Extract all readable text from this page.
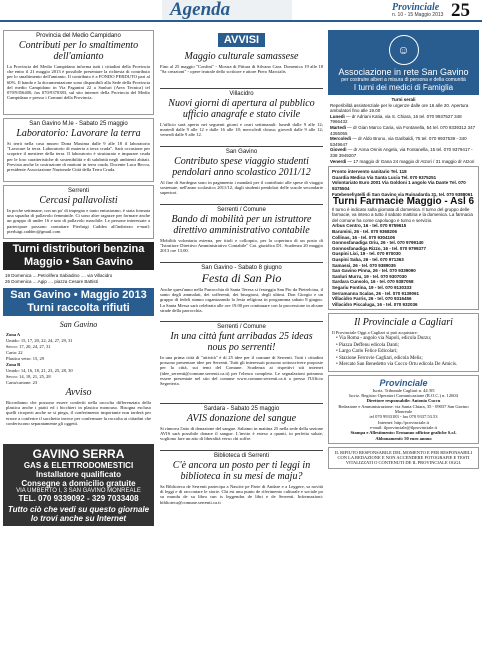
Agenda	Provinciale
n. 10 - 15 Maggio 2013 25
Provincia del Medio Campidano
Contributi per lo smaltimento dell'amianto
La Provincia del Medio Campidano informa tutti i cittadini della Provincia che entro il 21 maggio 2013 è possibile presentare la richiesta di contributo per lo smaltimento dell'amianto. Il contributo è a FONDO PERDUTO pari al 60%. Il bando e la documentazione sono disponibili alla Sede della Provincia del medio Campidano in Via Paganini 22 a Sanluri (Area Tecnica) tel 070/9356400, fax 070/9370383, sul sito internet della Provincia del Medio Campidano e presso i Comuni della Provincia.
San Gavino M.le - Sabato 25 maggio
Laboratorio: Lavorare la terra
Si terrà nella casa museo Dona Maxima dalle 9 alle 18 il laboratorio "Lavorare la terra. Laboratorio di materia a terra cruda". Sarà occasione per scoprire il mestiere della terra. Il laboratorio è strutturato e imparare cruda per le loro caratteristiche di sostenibilità e di salubrità negli ambienti abitati. Prevista anche la costruzione di mattoni in terra cruda. Docente Luca Beccu, presidente Associazione Nazionale Città della Terra Cruda.
Serrenti
Cercasi pallavolisti
In poche settimane, con un po' di impegno e tanto entusiasmo, è stata formata una squadra di pallavolo femminile. Ci sono altre ragazze per formare anche un gruppo di under 16 e uno di pallavolo maschile. Le persone interessate a partecipare possono contattare Pierluigi Caddeo all'indirizzo e-mail: pierluigi.caddeo@gmail.com
Turni distributori benzina Maggio • San Gavino
19 Domenica ....Petrolifera Sabiadino .... via Villacidro
26 Domenica ....Agip .... piazza Cesare Battisti
San Gavino • Maggio 2013 Turni raccolta rifiuti
San Gavino
Zona A
Umido: 15, 17, 20, 22, 24, 27, 29, 31
Secco: 17, 20, 24, 27, 31
Carta: 22
Plastica vetro: 15, 29
Zona B
Umido: 14, 16, 18, 21, 23, 25, 28, 30
Secco: 14, 18, 21, 25, 28
Carta/cartone: 23
Avviso
Ricordiamo che possono essere conferiti nella raccolta differenziata della plastica anche i piatti ed i bicchieri in plastica monouso. Bisogna escluso quelli ricoperti anche se si piega, il conferimento importante non tarderà per errore a conferire il sacchetto invece per confermare la raccolta ai cittadini che conferiscono separatamente gli oggetti.
GAVINO SERRA
GAS & ELETTRODOMESTICI
Installatore qualificato
Consegne a domicilio gratuite
VIA UMBERTO I, 3 SAN GAVINO MONREALE
TEL. 070 9339092 - 329 7033408
Tutto ciò che vedi su questo giornale lo trovi anche su Internet
AVVISI
Maggio culturale samassese
Fino al 25 maggio "Confini" - Mostra di Pittura di Silvano Cara. Domenica 19 alle 18 "Sa creazioni" - opere teatrale dello scrittore e attore Piero Marcialis
Villacidro
Nuovi giorni di apertura al pubblico ufficio anagrafe e stato civile
L'ufficio sarà aperto nei seguenti giorni e orari settimanali: lunedì dalle 9 alle 12; martedì dalle 9 alle 12 e dalle 16 alle 18; mercoledì chiuso; giovedì dalle 9 alle 12; venerdì dalle 9 alle 12.
San Gavino
Contributo spese viaggio studenti pendolari anno scolastico 2011/12
Al fine di Sardegna sono in pagamento i mandati per il contributo alle spese di viaggio sostenute, nell'anno scolastico 2011/12, dagli studenti pendolari delle scuole secondarie superiori.
Serrenti / Comune
Bando di mobilità per un istruttore direttivo amministrativo contabile
Mobilità volontaria esterna, per titoli e colloquio, per la copertura di un posto di "Istruttore Direttivo Amministrativo Contabile" Cat. giuridica D1. Scadenza 20 maggio 2013 ore 13.00.
San Gavino - Sabato 8 giugno
Festa di San Pio
Anche quest'anno nella Parrocchia di Santa Teresa si festeggia San Pio da Pietrelcina, il santo degli ammalati, dei sofferenti, dei bisognosi, degli ultimi. Don Giorgio e un gruppo di fedeli stanno organizzando la festa religiosa in programma sabato 8 giugno. La Santa Messa sarà celebrata alle ore 19.00 per continuare con la processione in alcune strade della parrocchia.
Serrenti / Comune
In una città funt arribadas 25 ideas nous po serrenti!
In una prima città di "attività" è di 25 idee per il comune di Serrenti. Tutti i cittadini possono presentare idee per Serrenti. Tutti gli interessati possono sottoscrivere proposte per la città, sui temi del Comune. Scadenza ai rispettivi siti internet (idee_serrenti@comune.serrenti.ca.it) per l'elenco completo. Le segnalazioni potranno essere presentate nel sito del comune www.comune.serrenti.ca.it o presso l'Ufficio Segreteria.
Sardara - Sabato 25 maggio
AVIS donazione del sangue
Si rinnova l'atto di donazione del sangue. Saliamo in mattina 25 nella sede della sezione AVIS sarà possibile donare il sangue. L'invito è esteso a quanti, in perfetta salute, vogliono fare un atto di liberalità verso chi soffre.
Biblioteca di Serrenti
C'è ancora un posto per ti leggi in biblioteca in su mesi de maju?
Sa Biblioteca de Serrenti partecipa a Nascite pe Parte di Andare e a Leggere, sa novità di leggi e di raccontare le storie. Chi est unu punto de riferimento culturale e sociale po su mundu de su libru cun is leggendas de libri e de Serrenti. Informazioni: biblioteca@comune.serrenti.ca.it
☺
Associazione in rete San Gavino
per costruire alberi a misura di persona e della comunità
I turni dei medici di Famiglia
Turni serali
Reperibilità assistenziale per le urgenze dalle ore 16 alle 20. Apertura ambulatori fino alle 19.00
Lunedì — dr Adriani Katia, via S. Chiara, 16 tel. 070 9937527 348 7966432
Martedì — dr Gian Marco Caria, via Fontanella, 54 tel. 070 9339312 347 4355055
Mercoledì — dr Aldo Bruno, via Garibaldi, 75 tel. 070 9937539 - 340 5349647
Giovedì — dr Anna Onnis Angela, via Fontanella, 15 tel. 070 9379417 - 338 3949207
Venerdì — 17 maggio dr Gana 24 maggio dr Atzori / 31 maggio dr Atzori
Pronto intervento sanitario Tel. 118
Guardia Medica Via Santa Lucia Tel. 070 9375251
Volontariato Euro 2001 Via Goldoni 1 angolo Via Dante Tel. 070 9375504
Fatebenefratelli di San Gavino via Ruinadarda 31, tel. 070 9388061
Turni Farmacie Maggio - Asl 6
Il turno è indicato sulla giornata di domenica. Il turno del gruppo delle farmacie, va inteso a tutto il sabato mattina e la domenica. La farmacia del comune ha come capoluogo e turno e servizio.
Arbus Centro, 16 - tel. 070 9759615
Barumini, 26 - tel. 070 9368206
Collinas, 16 - tel. 070 9304106
Gonnosfanadiga Oriu, 26 - tel. 070 9799140
Gonnosfanadiga Rizzo, 16 - tel. 070 9799377
Guspini Lixi, 19 - tel. 070 970030
Guspini Saba, 26 - tel. 070 971363
Samassi, 26 - tel. 070 9389035
San Gavino Pinna, 26 - tel. 070 9339090
Sanluri Murru, 19 - tel. 070 9307030
Sardara Cunsolo, 16 - tel. 070 9387058
Segariu Fontina, 19 - tel. 070 9130333
Serramanna Scalas, 26 - tel. 070 9139061
Villacidro Farris, 26 - tel. 070 9316456
Villacidro Piccaluga, 16 - tel. 070 932036
Il Provinciale a Cagliari
Il Provinciale Oggi a Cagliari si può acquistare:
• Via Roma - angolo via Napoli, edicola Durzu;
• Piazza Deffenu edicola Danti;
• Largo Carlo Felice Edicolari;
• Stazione Ferrovie Cagliari, edicola Melis;
• Mercato San Benedetto via Cocco Ortu edicola De Amicis.
Provinciale
Iscriz. Tribunale Cagliari n. 44 /05
Iscriz. Registro Operatori Comunicazione (R.O.C.) n. 12604
Direttore responsabile: Antonio Cuccu
Redazione e Amministrazione: via Santa Chiara, 35 - 09037 San Gavino Monreale
tel 070 9933183 - fax 070 9337.53.53
Internet: http://provinciale.it
e-mail: ilprovinciale@ilprovinciale.it
Stampa e Allestimento: Ermanno officine grafiche S.r.l.
Abbonamenti: 50 euro annuo
IL RIFIUTO RESPONSABILE DEL MOMENTO E PER RESPONSABILI CON LA REDAZIONE E NON ACCENDERE FOTOGRAFIE E TESTI VITALIZZATI O CONTENUTI DE IL PROVINCIALE OGGI.
